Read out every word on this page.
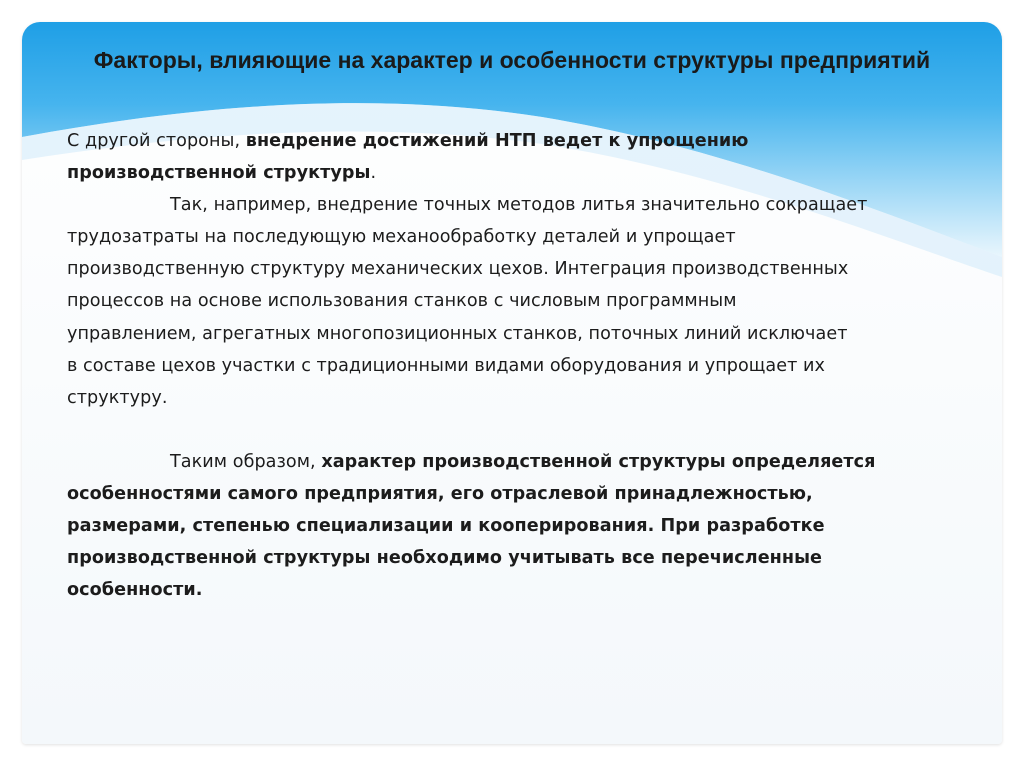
Факторы, влияющие на характер и особенности структуры предприятий
С другой стороны, внедрение достижений НТП ведет к упрощению
производственной структуры.
Так, например, внедрение точных методов литья значительно сокращает
трудозатраты на последующую механообработку деталей и упрощает
производственную структуру механических цехов. Интеграция производственных
процессов на основе использования станков с числовым программным
управлением, агрегатных многопозиционных станков, поточных линий исключает
в составе цехов участки с традиционными видами оборудования и упрощает их
структуру.
Таким образом, характер производственной структуры определяется
особенностями самого предприятия, его отраслевой принадлежностью,
размерами, степенью специализации и кооперирования. При разработке
производственной структуры необходимо учитывать все перечисленные
особенности.
